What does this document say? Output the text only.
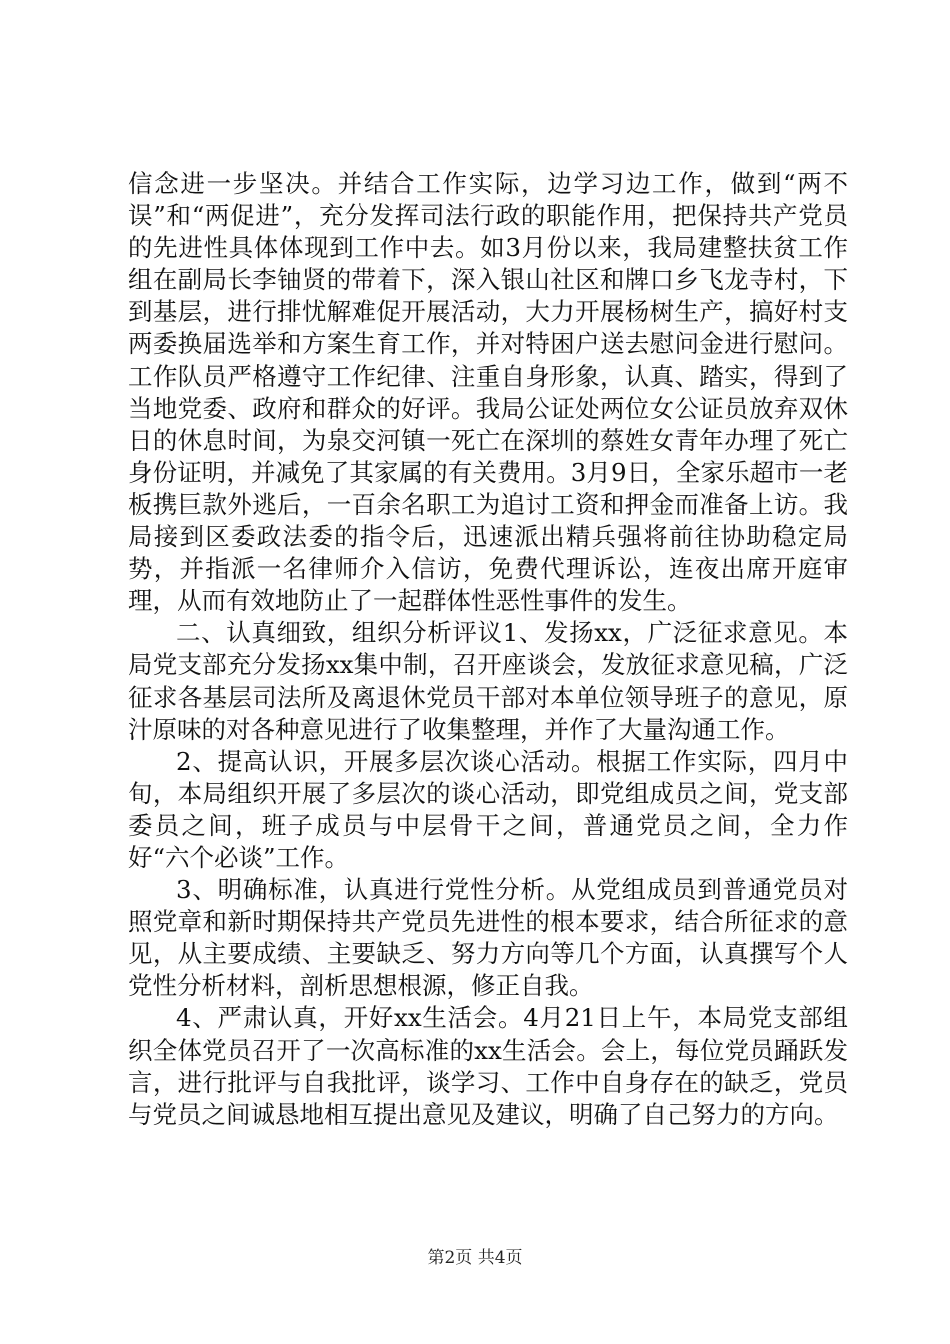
信念进一步坚决。并结合工作实际，边学习边工作，做到“两不误”和“两促进”，充分发挥司法行政的职能作用，把保持共产党员的先进性具体体现到工作中去。如3月份以来，我局建整扶贫工作组在副局长李铀贤的带着下，深入银山社区和牌口乡飞龙寺村，下到基层，进行排忧解难促开展活动，大力开展杨树生产，搞好村支两委换届选举和方案生育工作，并对特困户送去慰问金进行慰问。工作队员严格遵守工作纪律、注重自身形象，认真、踏实，得到了当地党委、政府和群众的好评。我局公证处两位女公证员放弃双休日的休息时间，为泉交河镇一死亡在深圳的蔡姓女青年办理了死亡身份证明，并减免了其家属的有关费用。3月9日，全家乐超市一老板携巨款外逃后，一百余名职工为追讨工资和押金而准备上访。我局接到区委政法委的指令后，迅速派出精兵强将前往协助稳定局势，并指派一名律师介入信访，免费代理诉讼，连夜出席开庭审理，从而有效地防止了一起群体性恶性事件的发生。

二、认真细致，组织分析评议1、发扬xx，广泛征求意见。本局党支部充分发扬xx集中制，召开座谈会，发放征求意见稿，广泛征求各基层司法所及离退休党员干部对本单位领导班子的意见，原汁原味的对各种意见进行了收集整理，并作了大量沟通工作。

2、提高认识，开展多层次谈心活动。根据工作实际，四月中旬，本局组织开展了多层次的谈心活动，即党组成员之间，党支部委员之间，班子成员与中层骨干之间，普通党员之间，全力作好“六个必谈”工作。

3、明确标准，认真进行党性分析。从党组成员到普通党员对照党章和新时期保持共产党员先进性的根本要求，结合所征求的意见，从主要成绩、主要缺乏、努力方向等几个方面，认真撰写个人党性分析材料，剖析思想根源，修正自我。

4、严肃认真，开好xx生活会。4月21日上午，本局党支部组织全体党员召开了一次高标准的xx生活会。会上，每位党员踊跃发言，进行批评与自我批评，谈学习、工作中自身存在的缺乏，党员与党员之间诚恳地相互提出意见及建议，明确了自己努力的方向。

第2页 共4页
